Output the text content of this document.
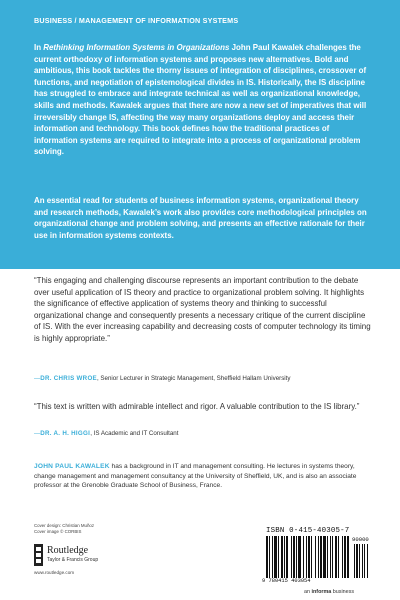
BUSINESS / MANAGEMENT OF INFORMATION SYSTEMS

In Rethinking Information Systems in Organizations John Paul Kawalek challenges the current orthodoxy of information systems and proposes new alternatives. Bold and ambitious, this book tackles the thorny issues of integration of disciplines, crossover of functions, and negotiation of epistemological divides in IS. Historically, the IS discipline has struggled to embrace and integrate technical as well as organizational knowledge, skills and methods. Kawalek argues that there are now a new set of imperatives that will irreversibly change IS, affecting the way many organizations deploy and access their information and technology. This book defines how the traditional practices of information systems are required to integrate into a process of organizational problem solving.

An essential read for students of business information systems, organizational theory and research methods, Kawalek’s work also provides core methodological principles on organizational change and problem solving, and presents an effective rationale for their use in information systems contexts.

“This engaging and challenging discourse represents an important contribution to the debate over useful application of IS theory and practice to organizational problem solving. It highlights the significance of effective application of systems theory and thinking to successful organizational change and consequently presents a necessary critique of the current discipline of IS. With the ever increasing capability and decreasing costs of computer technology its timing is highly appropriate.”

—DR. CHRIS WROE, Senior Lecturer in Strategic Management, Sheffield Hallam University

“This text is written with admirable intellect and rigor. A valuable contribution to the IS library.”

—DR. A. H. HIGGI, IS Academic and IT Consultant

JOHN PAUL KAWALEK has a background in IT and management consulting. He lectures in systems theory, change management and management consultancy at the University of Sheffield, UK, and is also an associate professor at the Grenoble Graduate School of Business, France.

Cover design: Christian Muñoz
Cover image © CORBIS
Routledge
Taylor & Francis Group
www.routledge.com
ISBN 0-415-40305-7
90000
9 780415 403054
an informa business
